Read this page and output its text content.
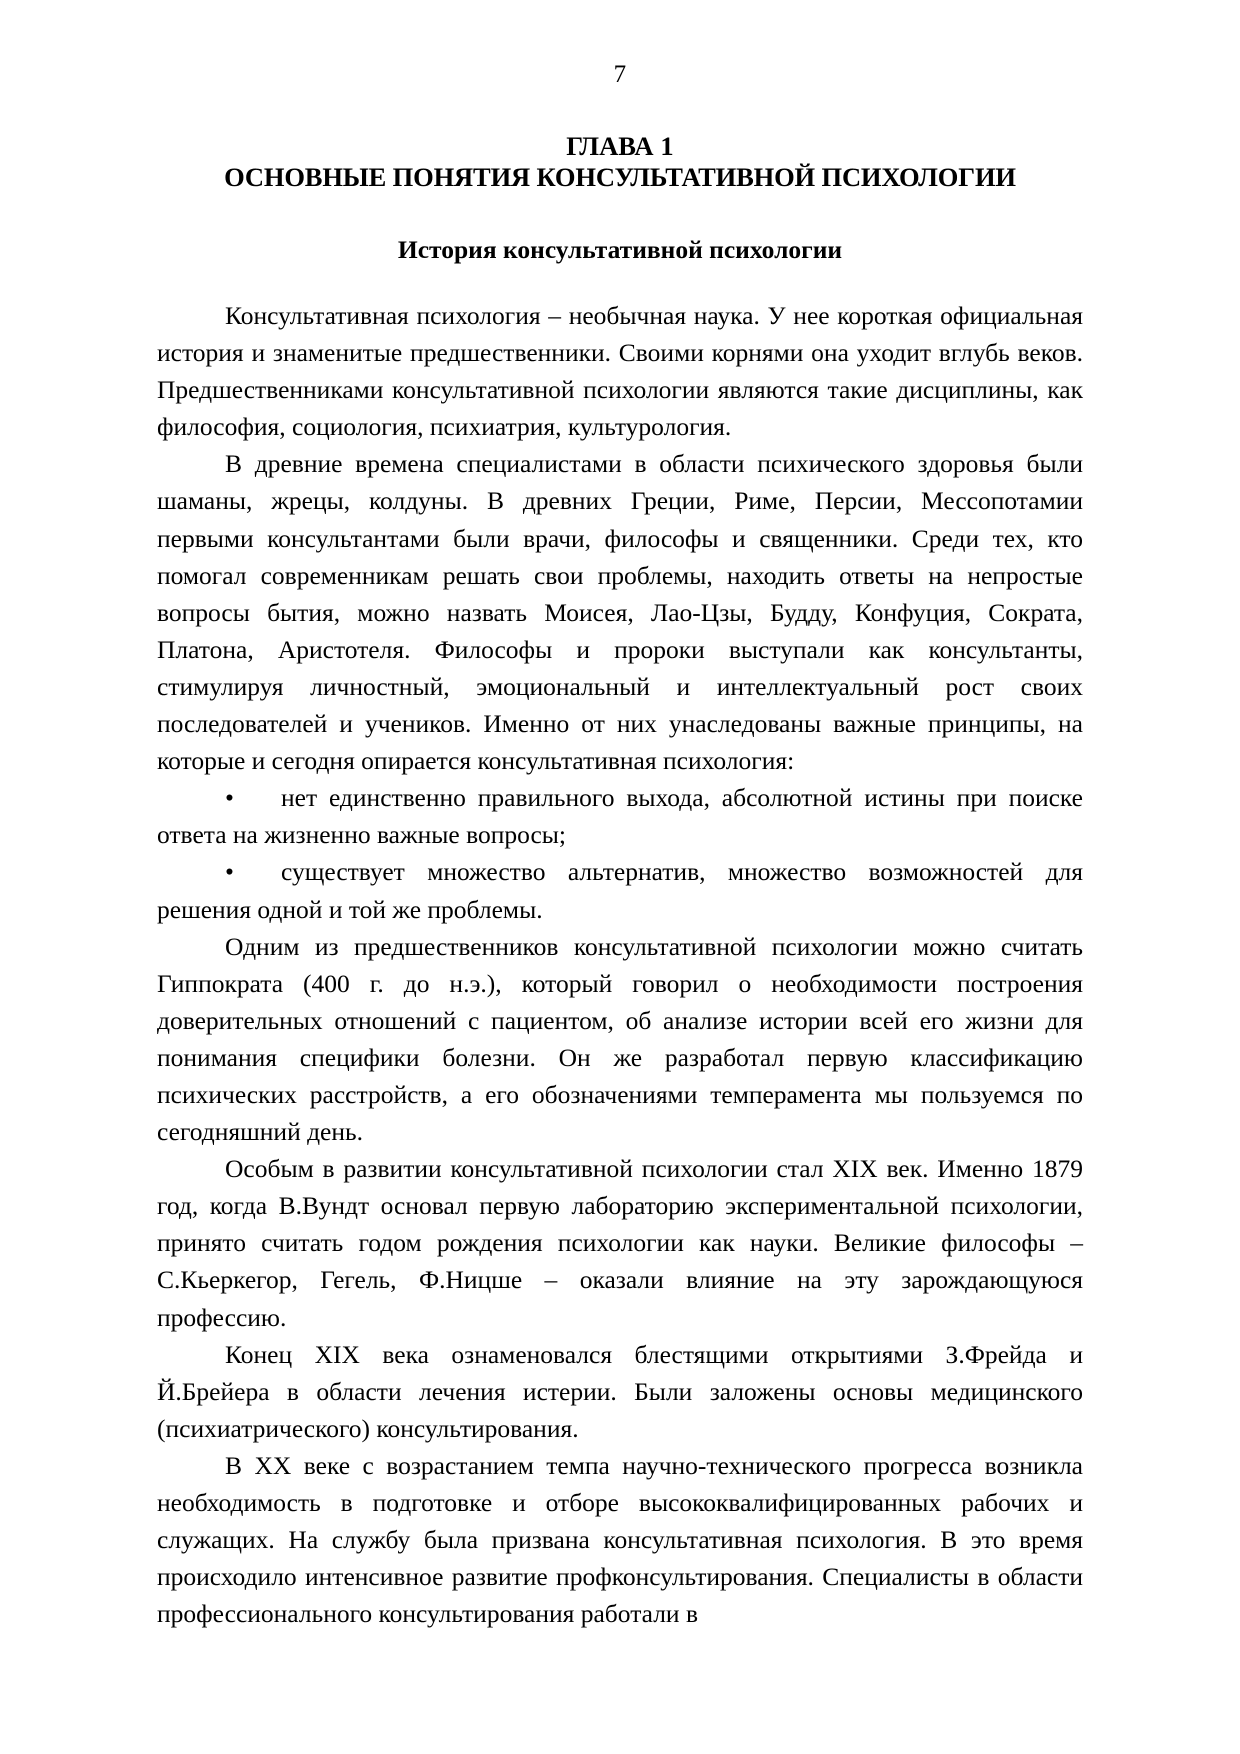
7
ГЛАВА 1
ОСНОВНЫЕ ПОНЯТИЯ КОНСУЛЬТАТИВНОЙ ПСИХОЛОГИИ
История консультативной психологии

Консультативная психология – необычная наука. У нее короткая официальная история и знаменитые предшественники. Своими корнями она уходит вглубь веков. Предшественниками консультативной психологии являются такие дисциплины, как философия, социология, психиатрия, культурология.

В древние времена специалистами в области психического здоровья были шаманы, жрецы, колдуны. В древних Греции, Риме, Персии, Мессопотамии первыми консультантами были врачи, философы и священники. Среди тех, кто помогал современникам решать свои проблемы, находить ответы на непростые вопросы бытия, можно назвать Моисея, Лао-Цзы, Будду, Конфуция, Сократа, Платона, Аристотеля. Философы и пророки выступали как консультанты, стимулируя личностный, эмоциональный и интеллектуальный рост своих последователей и учеников. Именно от них унаследованы важные принципы, на которые и сегодня опирается консультативная психология:

• нет единственно правильного выхода, абсолютной истины при поиске ответа на жизненно важные вопросы;

• существует множество альтернатив, множество возможностей для решения одной и той же проблемы.

Одним из предшественников консультативной психологии можно считать Гиппократа (400 г. до н.э.), который говорил о необходимости построения доверительных отношений с пациентом, об анализе истории всей его жизни для понимания специфики болезни. Он же разработал первую классификацию психических расстройств, а его обозначениями темперамента мы пользуемся по сегодняшний день.

Особым в развитии консультативной психологии стал XIX век. Именно 1879 год, когда В.Вундт основал первую лабораторию экспериментальной психологии, принято считать годом рождения психологии как науки. Великие философы – С.Кьеркегор, Гегель, Ф.Ницше – оказали влияние на эту зарождающуюся профессию.

Конец XIX века ознаменовался блестящими открытиями З.Фрейда и Й.Брейера в области лечения истерии. Были заложены основы медицинского (психиатрического) консультирования.

В XX веке с возрастанием темпа научно-технического прогресса возникла необходимость в подготовке и отборе высококвалифицированных рабочих и служащих. На службу была призвана консультативная психология. В это время происходило интенсивное развитие профконсультирования. Специалисты в области профессионального консультирования работали в
